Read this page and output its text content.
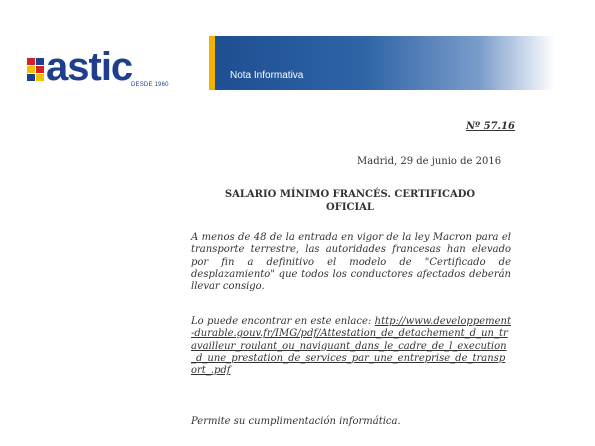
astic
DESDE 1960
Nota Informativa
Nº 57.16
Madrid, 29 de junio de 2016
SALARIO MÍNIMO FRANCÉS. CERTIFICADO
OFICIAL
A menos de 48 de la entrada en vigor de la ley Macron para el transporte terrestre, las autoridades francesas han elevado por fin a definitivo el modelo de "Certificado de desplazamiento" que todos los conductores afectados deberán llevar consigo.
Lo puede encontrar en este enlace: http://www.developpement-durable.gouv.fr/IMG/pdf/Attestation_de_detachement_d_un_travailleur_roulant_ou_naviguant_dans_le_cadre_de_l_execution_d_une_prestation_de_services_par_une_entreprise_de_transport_.pdf
Permite su cumplimentación informática.
